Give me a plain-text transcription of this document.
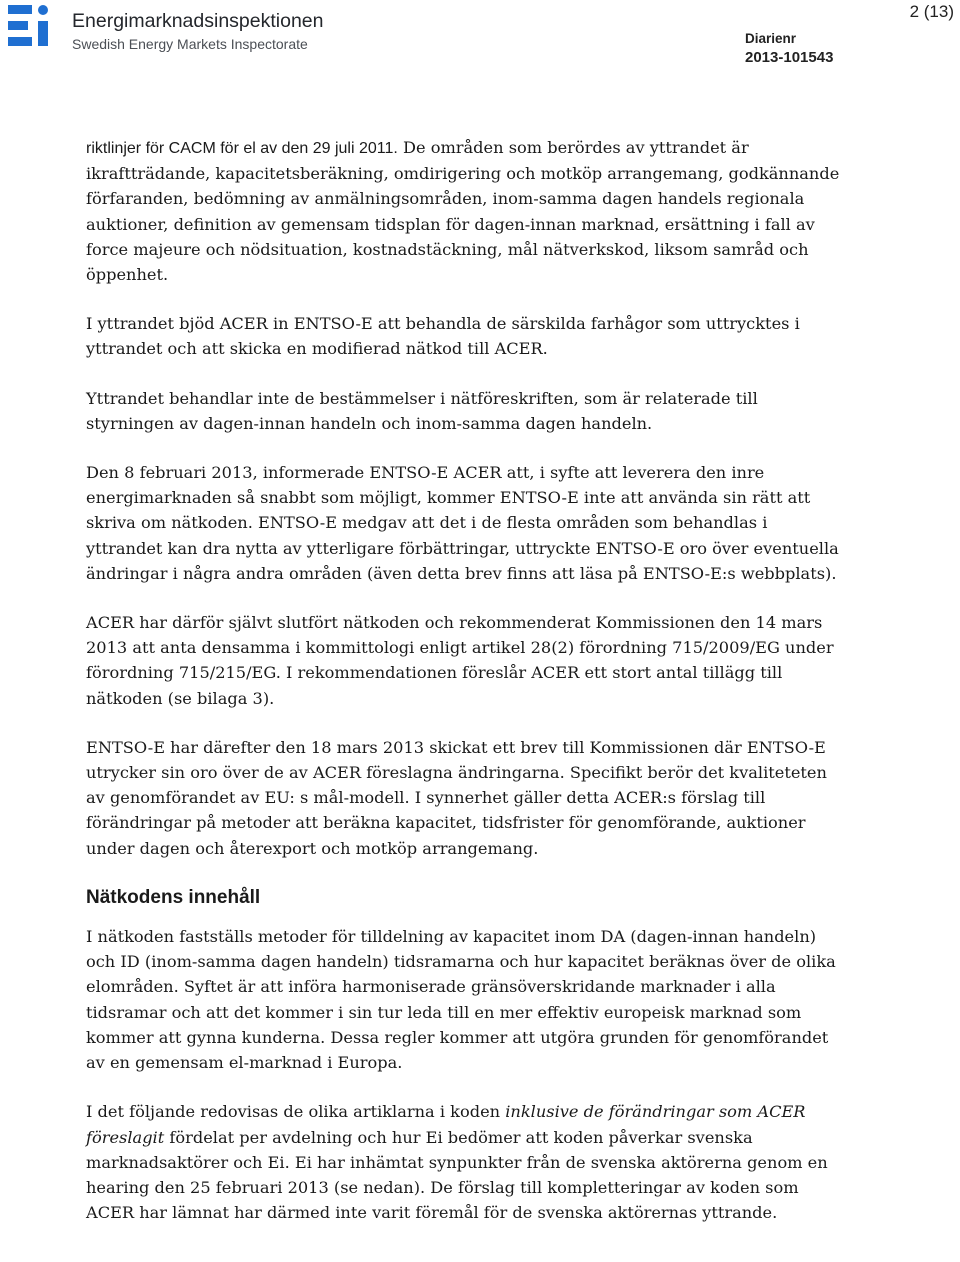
Energimarknadsinspektionen
Swedish Energy Markets Inspectorate
2 (13)
Diarienr
2013-101543

riktlinjer för CACM för el av den 29 juli 2011. De områden som berördes av yttrandet är ikraftträdande, kapacitetsberäkning, omdirigering och motköp arrangemang, godkännande förfaranden, bedömning av anmälningsområden, inom-samma dagen handels regionala auktioner, definition av gemensam tidsplan för dagen-innan marknad, ersättning i fall av force majeure och nödsituation, kostnadstäckning, mål nätverkskod, liksom samråd och öppenhet.

I yttrandet bjöd ACER in ENTSO-E att behandla de särskilda farhågor som uttrycktes i yttrandet och att skicka en modifierad nätkod till ACER.

Yttrandet behandlar inte de bestämmelser i nätföreskriften, som är relaterade till styrningen av dagen-innan handeln och inom-samma dagen handeln.

Den 8 februari 2013, informerade ENTSO-E ACER att, i syfte att leverera den inre energimarknaden så snabbt som möjligt, kommer ENTSO-E inte att använda sin rätt att skriva om nätkoden. ENTSO-E medgav att det i de flesta områden som behandlas i yttrandet kan dra nytta av ytterligare förbättringar, uttryckte ENTSO-E oro över eventuella ändringar i några andra områden (även detta brev finns att läsa på ENTSO-E:s webbplats).

ACER har därför självt slutfört nätkoden och rekommenderat Kommissionen den 14 mars 2013 att anta densamma i kommittologi enligt artikel 28(2) förordning 715/2009/EG under förordning 715/215/EG. I rekommendationen föreslår ACER ett stort antal tillägg till nätkoden (se bilaga 3).

ENTSO-E har därefter den 18 mars 2013 skickat ett brev till Kommissionen där ENTSO-E utrycker sin oro över de av ACER föreslagna ändringarna. Specifikt berör det kvaliteteten av genomförandet av EU: s mål-modell. I synnerhet gäller detta ACER:s förslag till förändringar på metoder att beräkna kapacitet, tidsfrister för genomförande, auktioner under dagen och återexport och motköp arrangemang.

Nätkodens innehåll

I nätkoden fastställs metoder för tilldelning av kapacitet inom DA (dagen-innan handeln) och ID (inom-samma dagen handeln) tidsramarna och hur kapacitet beräknas över de olika elområden. Syftet är att införa harmoniserade gränsöverskridande marknader i alla tidsramar och att det kommer i sin tur leda till en mer effektiv europeisk marknad som kommer att gynna kunderna. Dessa regler kommer att utgöra grunden för genomförandet av en gemensam el-marknad i Europa.

I det följande redovisas de olika artiklarna i koden inklusive de förändringar som ACER föreslagit fördelat per avdelning och hur Ei bedömer att koden påverkar svenska marknadsaktörer och Ei. Ei har inhämtat synpunkter från de svenska aktörerna genom en hearing den 25 februari 2013 (se nedan). De förslag till kompletteringar av koden som ACER har lämnat har därmed inte varit föremål för de svenska aktörernas yttrande.
